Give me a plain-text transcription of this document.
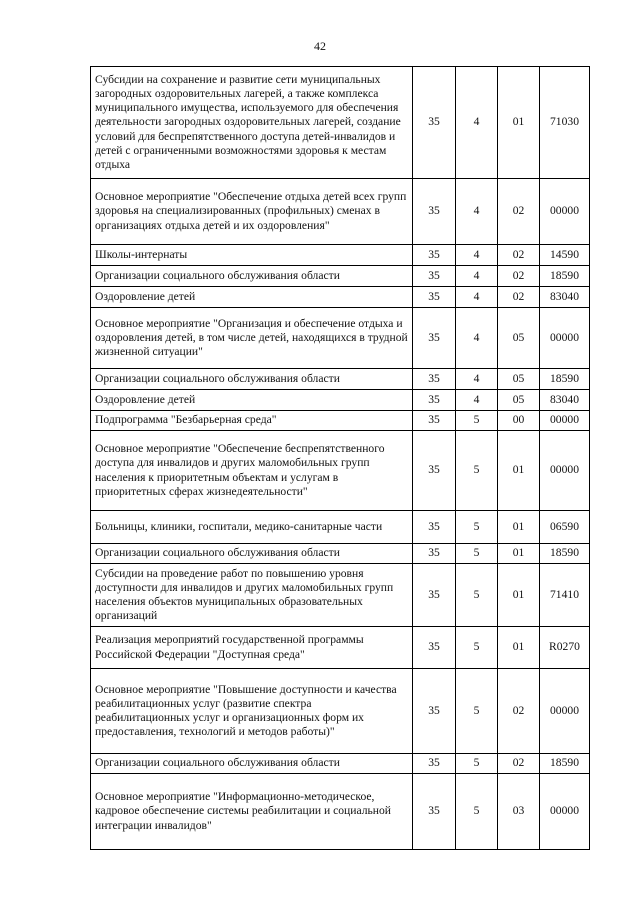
42
Субсидии на сохранение и развитие сети муниципальных загородных оздоровительных лагерей, а также комплекса муниципального имущества, используемого для обеспечения деятельности загородных оздоровительных лагерей, создание условий для беспрепятственного доступа детей-инвалидов и детей с ограниченными возможностями здоровья к местам отдыха	35	4	01	71030
Основное мероприятие "Обеспечение отдыха детей всех групп здоровья на специализированных (профильных) сменах в организациях отдыха детей и их оздоровления"	35	4	02	00000
Школы-интернаты	35	4	02	14590
Организации социального обслуживания области	35	4	02	18590
Оздоровление детей	35	4	02	83040
Основное мероприятие "Организация и обеспечение отдыха и оздоровления детей, в том числе детей, находящихся в трудной жизненной ситуации"	35	4	05	00000
Организации социального обслуживания области	35	4	05	18590
Оздоровление детей	35	4	05	83040
Подпрограмма "Безбарьерная среда"	35	5	00	00000
Основное мероприятие "Обеспечение беспрепятственного доступа для инвалидов и других маломобильных групп населения к приоритетным объектам и услугам в приоритетных сферах жизнедеятельности"	35	5	01	00000
Больницы, клиники, госпитали, медико-санитарные части	35	5	01	06590
Организации социального обслуживания области	35	5	01	18590
Субсидии на проведение работ по повышению уровня доступности для инвалидов и других маломобильных групп населения объектов муниципальных образовательных организаций	35	5	01	71410
Реализация мероприятий государственной программы Российской Федерации "Доступная среда"	35	5	01	R0270
Основное мероприятие "Повышение доступности и качества реабилитационных услуг (развитие спектра реабилитационных услуг и организационных форм их предоставления, технологий и методов работы)"	35	5	02	00000
Организации социального обслуживания области	35	5	02	18590
Основное мероприятие "Информационно-методическое, кадровое обеспечение системы реабилитации и социальной интеграции инвалидов"	35	5	03	00000
